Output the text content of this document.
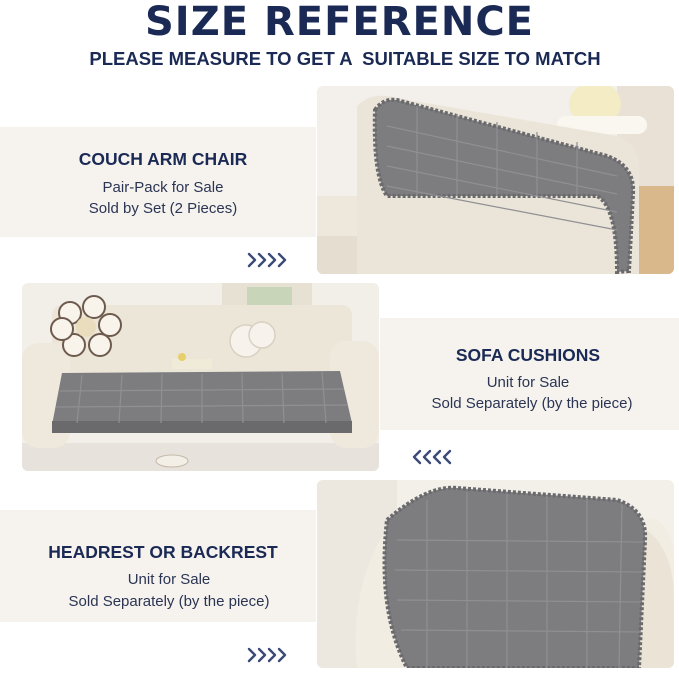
SIZE REFERENCE
PLEASE MEASURE TO GET A  SUITABLE SIZE TO MATCH
COUCH ARM CHAIR
Pair-Pack for Sale
Sold by Set (2 Pieces)
SOFA CUSHIONS
Unit for Sale
Sold Separately (by the piece)
HEADREST OR BACKREST
Unit for Sale
Sold Separately (by the piece)
